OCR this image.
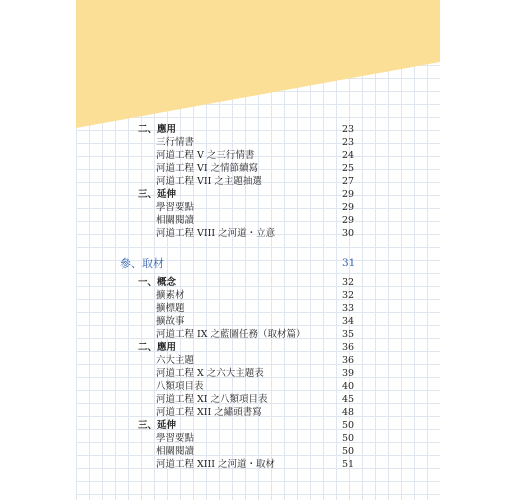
二、應用	23
三行情書	23
河道工程 V 之三行情書	24
河道工程 VI 之情節續寫	25
河道工程 VII 之主題抽選	27
三、延伸	29
學習要點	29
相關閱讀	29
河道工程 VIII 之河道・立意	30
參、取材	31
一、概念	32
擴素材	32
擴標題	33
擴故事	34
河道工程 IX 之藍圖任務（取材篇）	35
二、應用	36
六大主題	36
河道工程 X 之六大主題表	39
八類項目表	40
河道工程 XI 之八類項目表	45
河道工程 XII 之繡頭書寫	48
三、延伸	50
學習要點	50
相關閱讀	50
河道工程 XIII 之河道・取材	51
